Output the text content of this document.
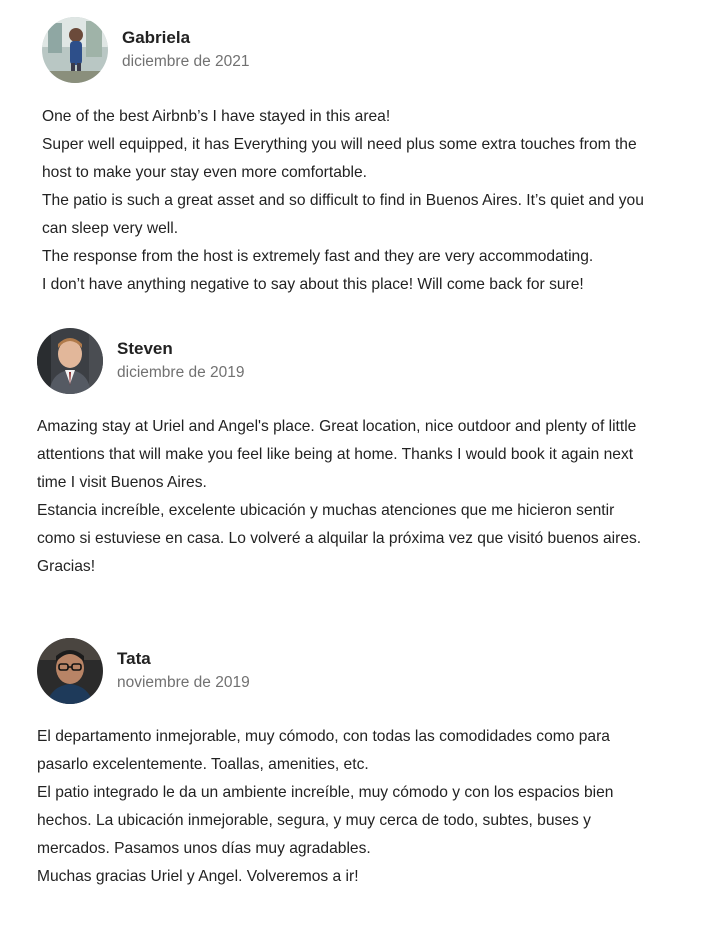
Gabriela
diciembre de 2021

One of the best Airbnb’s I have stayed in this area!

Super well equipped, it has Everything you will need plus some extra touches from the

host to make your stay even more comfortable.

The patio is such a great asset and so difficult to find in Buenos Aires. It’s quiet and you

can sleep very well.

The response from the host is extremely fast and they are very accommodating.

I don’t have anything negative to say about this place! Will come back for sure!

Steven
diciembre de 2019

Amazing stay at Uriel and Angel's place. Great location, nice outdoor and plenty of little

attentions that will make you feel like being at home. Thanks I would book it again next

time I visit Buenos Aires.

Estancia increíble, excelente ubicación y muchas atenciones que me hicieron sentir

como si estuviese en casa. Lo volveré a alquilar la próxima vez que visitó buenos aires.

Gracias!

Tata
noviembre de 2019

El departamento inmejorable, muy cómodo, con todas las comodidades como para

pasarlo excelentemente. Toallas, amenities, etc.

El patio integrado le da un ambiente increíble, muy cómodo y con los espacios bien

hechos. La ubicación inmejorable, segura, y muy cerca de todo, subtes, buses y

mercados. Pasamos unos días muy agradables.

Muchas gracias Uriel y Angel. Volveremos a ir!
